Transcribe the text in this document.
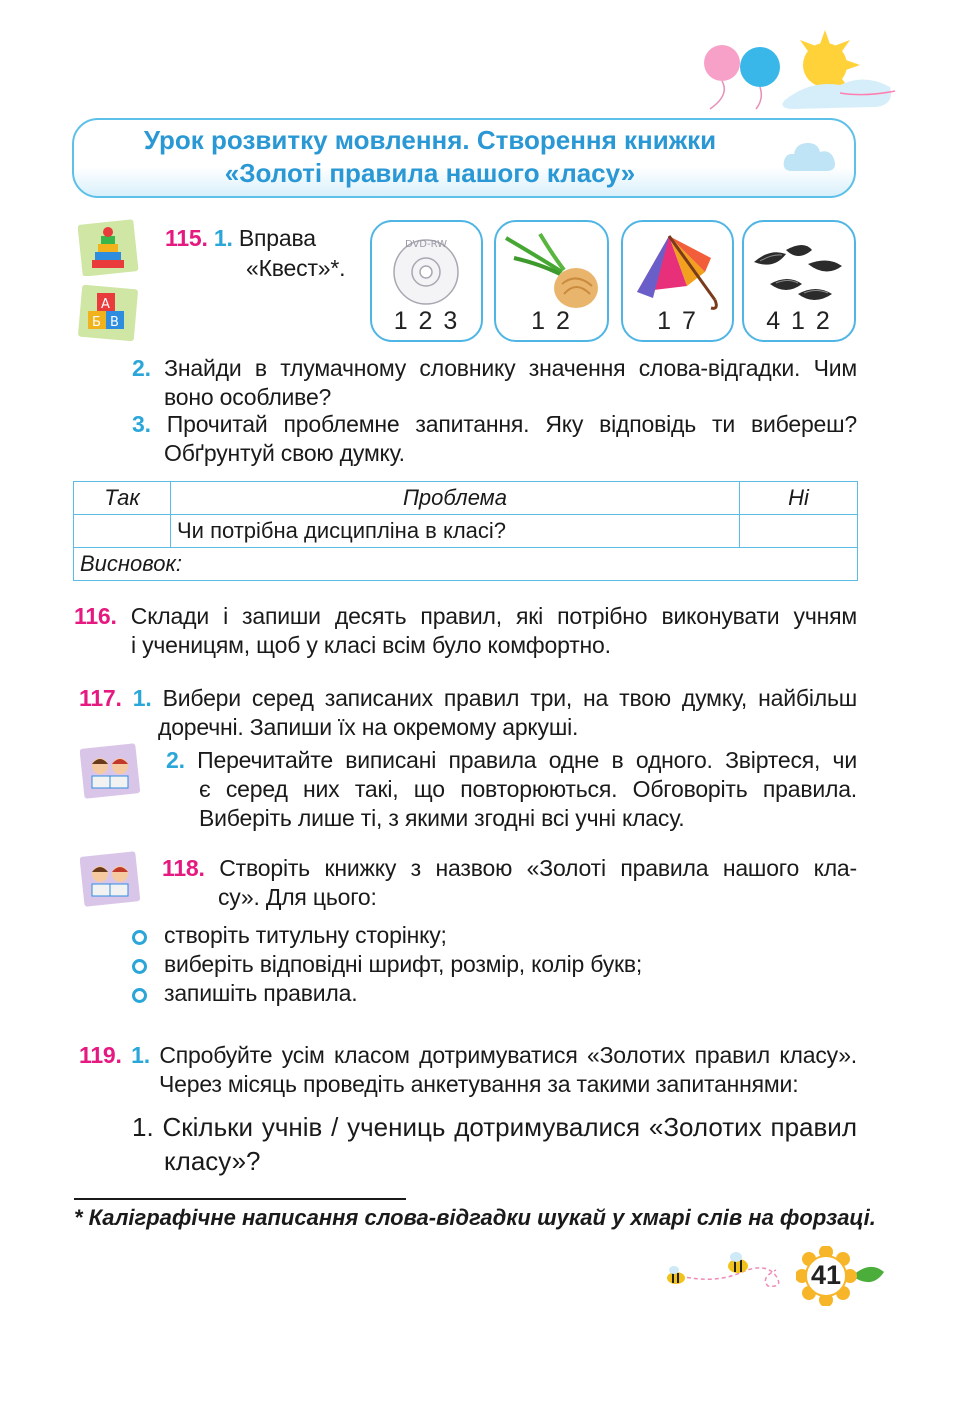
Урок розвитку мовлення. Створення книжки
«Золоті правила нашого класу»
Б В
А
115. 1. Вправа
«Квест»*.
DVD-RW
1 2 3	1 2	1 7	4 1 2
2. Знайди в тлумачному словнику значення слова-відгадки. Чим
воно особливе?
3. Прочитай проблемне запитання. Яку відповідь ти вибереш?
Обґрунтуй свою думку.
Так	Проблема	Ні
	Чи потрібна дисципліна в класі?	
Висновок:		
116. Склади і запиши десять правил, які потрібно виконувати учням
і ученицям, щоб у класі всім було комфортно.
117. 1. Вибери серед записаних правил три, на твою думку, найбільш
доречні. Запиши їх на окремому аркуші.
2. Перечитайте виписані правила одне в одного. Звіртеся, чи
є серед них такі, що повторюються. Обговоріть правила.
Виберіть лише ті, з якими згодні всі учні класу.
118. Створіть книжку з назвою «Золоті правила нашого кла-
су». Для цього:
створіть титульну сторінку;
виберіть відповідні шрифт, розмір, колір букв;
запишіть правила.
119. 1. Спробуйте усім класом дотримуватися «Золотих правил класу».
Через місяць проведіть анкетування за такими запитаннями:
1. Скільки учнів / учениць дотримувалися «Золотих правил
класу»?
* Каліграфічне написання слова-відгадки шукай у хмарі слів на форзаці.
41
